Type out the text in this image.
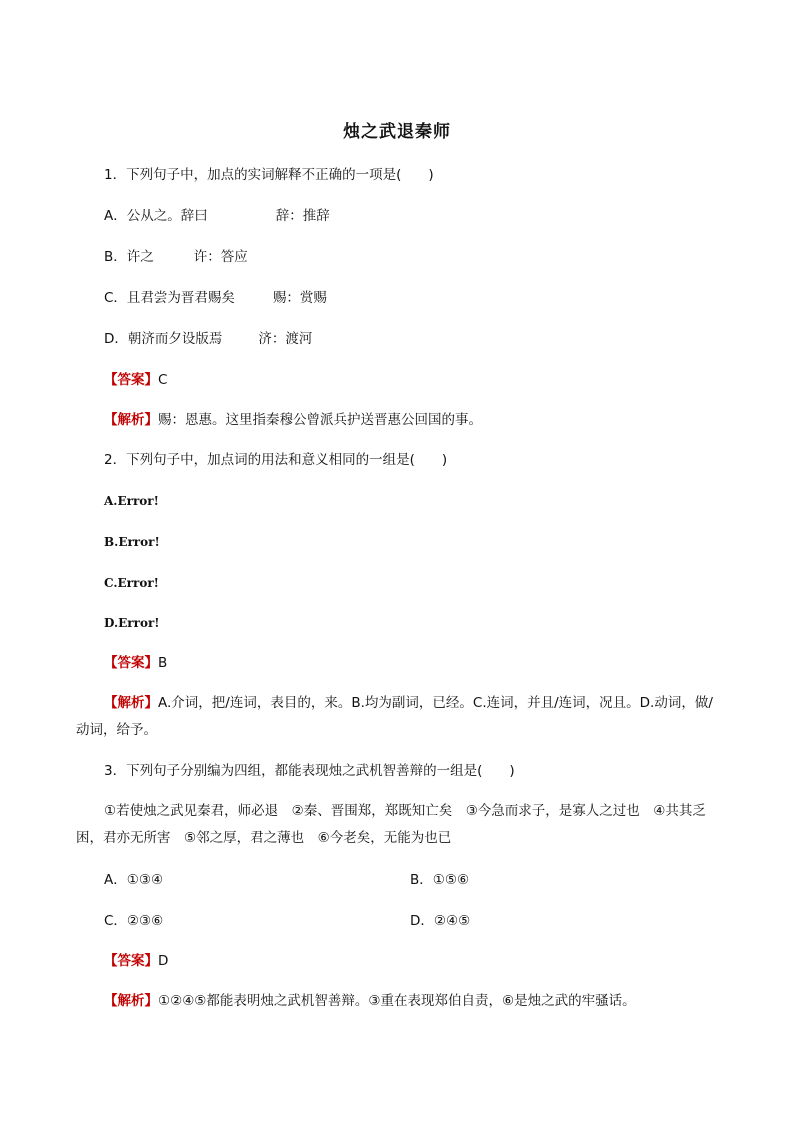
烛之武退秦师
1．下列句子中，加点的实词解释不正确的一项是(　　)
A．公从之。辞曰	辞：推辞
B．许之	许：答应
C．且君尝为晋君赐矣	赐：赏赐
D．朝济而夕设版焉	济：渡河
【答案】C
【解析】赐：恩惠。这里指秦穆公曾派兵护送晋惠公回国的事。
2．下列句子中，加点词的用法和意义相同的一组是(　　)
A.Error!
B.Error!
C.Error!
D.Error!
【答案】B
【解析】A.介词，把/连词，表目的，来。B.均为副词，已经。C.连词，并且/连词，况且。D.动词，做/动词，给予。
3．下列句子分别编为四组，都能表现烛之武机智善辩的一组是(　　)
①若使烛之武见秦君，师必退　②秦、晋围郑，郑既知亡矣　③今急而求子，是寡人之过也　④共其乏困，君亦无所害　⑤邻之厚，君之薄也　⑥今老矣，无能为也已
A．①③④	B．①⑤⑥
C．②③⑥	D．②④⑤
【答案】D
【解析】①②④⑤都能表明烛之武机智善辩。③重在表现郑伯自责，⑥是烛之武的牢骚话。
